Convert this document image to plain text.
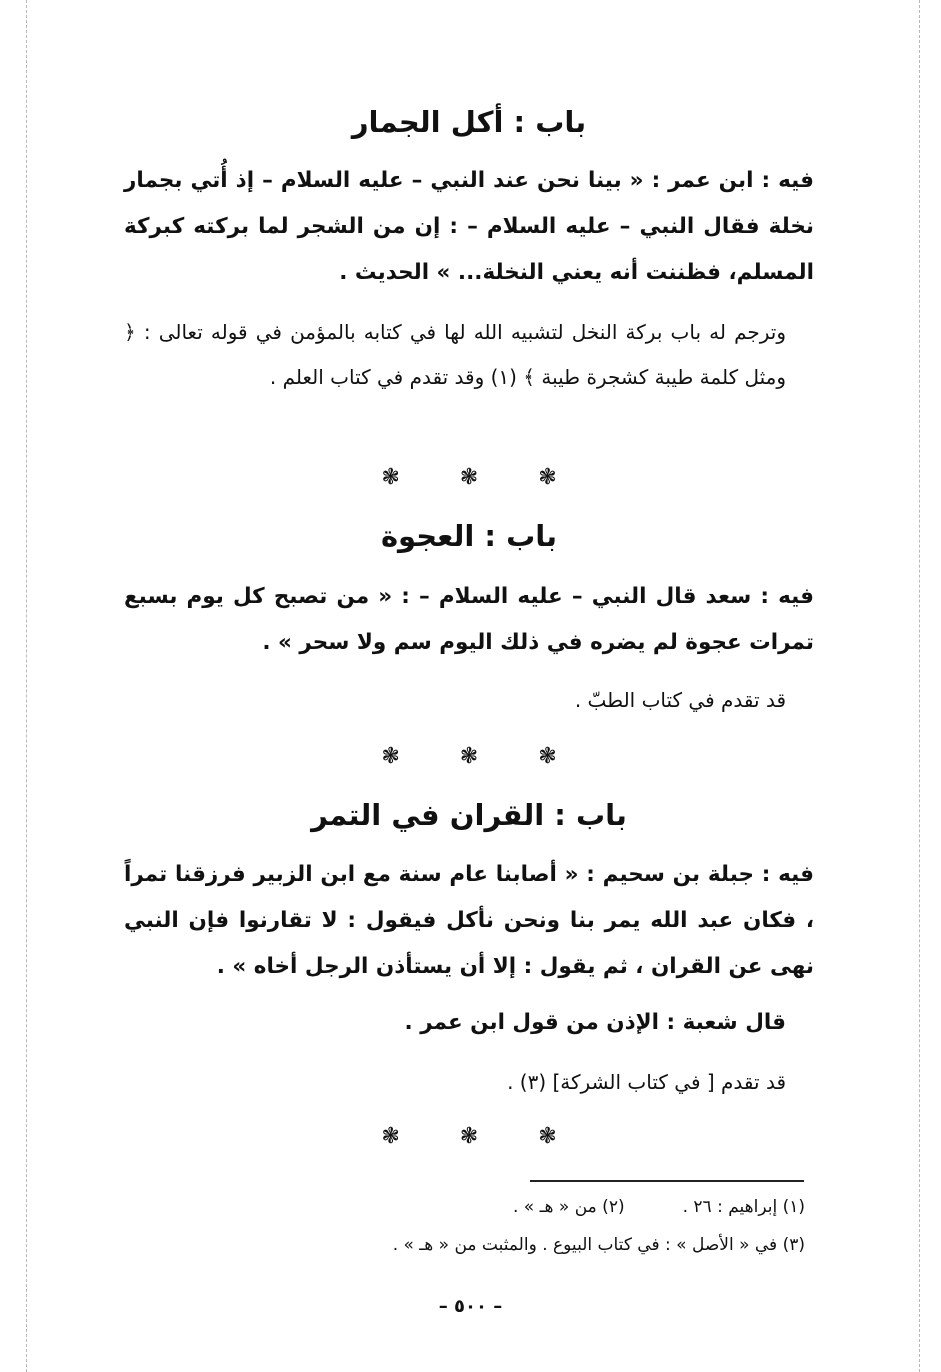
باب : أكل الجمار
فيه : ابن عمر : « بينا نحن عند النبي – عليه السلام – إذ أُتي بجمار نخلة فقال النبي – عليه السلام – : إن من الشجر لما بركته كبركة المسلم، فظننت أنه يعني النخلة... » الحديث .
وترجم له باب بركة النخل لتشبيه الله لها في كتابه بالمؤمن في قوله تعالى : ﴿ ومثل كلمة طيبة كشجرة طيبة ﴾ (١) وقد تقدم في كتاب العلم .
❃❃❃
باب : العجوة
فيه : سعد قال النبي – عليه السلام – : « من تصبح كل يوم بسبع تمرات عجوة لم يضره في ذلك اليوم سم ولا سحر » .
قد تقدم في كتاب الطبّ .
❃❃❃
باب : القران في التمر
فيه : جبلة بن سحيم : « أصابنا عام سنة مع ابن الزبير فرزقنا تمراً ، فكان عبد الله يمر بنا ونحن نأكل فيقول : لا تقارنوا فإن النبي نهى عن القران ، ثم يقول : إلا أن يستأذن الرجل أخاه » .
قال شعبة : الإذن من قول ابن عمر .
قد تقدم [ في كتاب الشركة] (٣) .
❃❃❃
(١) إبراهيم : ٢٦ .(٢) من « هـ » .
(٣) في « الأصل » : في كتاب البيوع . والمثبت من « هـ » .
– ٥٠٠ –
